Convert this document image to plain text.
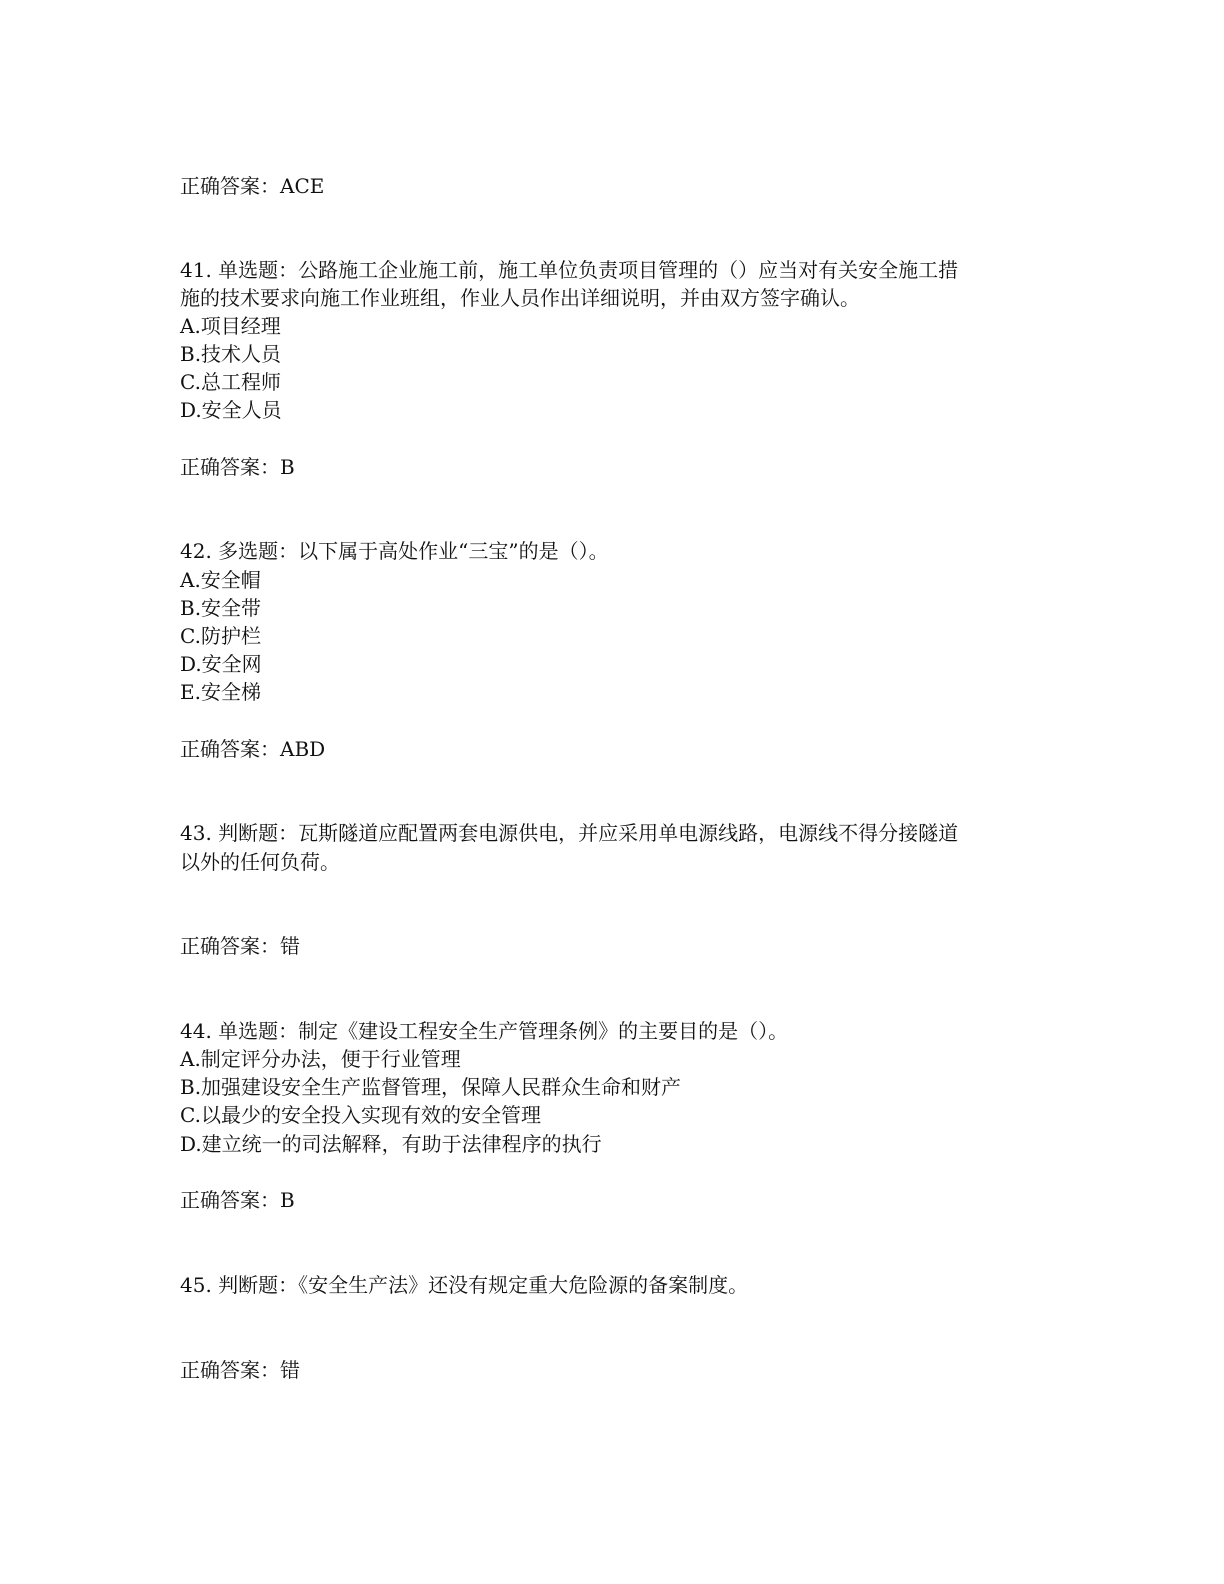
正确答案：ACE
41. 单选题：公路施工企业施工前，施工单位负责项目管理的（）应当对有关安全施工措
施的技术要求向施工作业班组，作业人员作出详细说明，并由双方签字确认。
A.项目经理
B.技术人员
C.总工程师
D.安全人员
正确答案：B
42. 多选题：以下属于高处作业“三宝”的是（）。
A.安全帽
B.安全带
C.防护栏
D.安全网
E.安全梯
正确答案：ABD
43. 判断题：瓦斯隧道应配置两套电源供电，并应采用单电源线路，电源线不得分接隧道
以外的任何负荷。
正确答案：错
44. 单选题：制定《建设工程安全生产管理条例》的主要目的是（）。
A.制定评分办法，便于行业管理
B.加强建设安全生产监督管理，保障人民群众生命和财产
C.以最少的安全投入实现有效的安全管理
D.建立统一的司法解释，有助于法律程序的执行
正确答案：B
45. 判断题：《安全生产法》还没有规定重大危险源的备案制度。
正确答案：错
